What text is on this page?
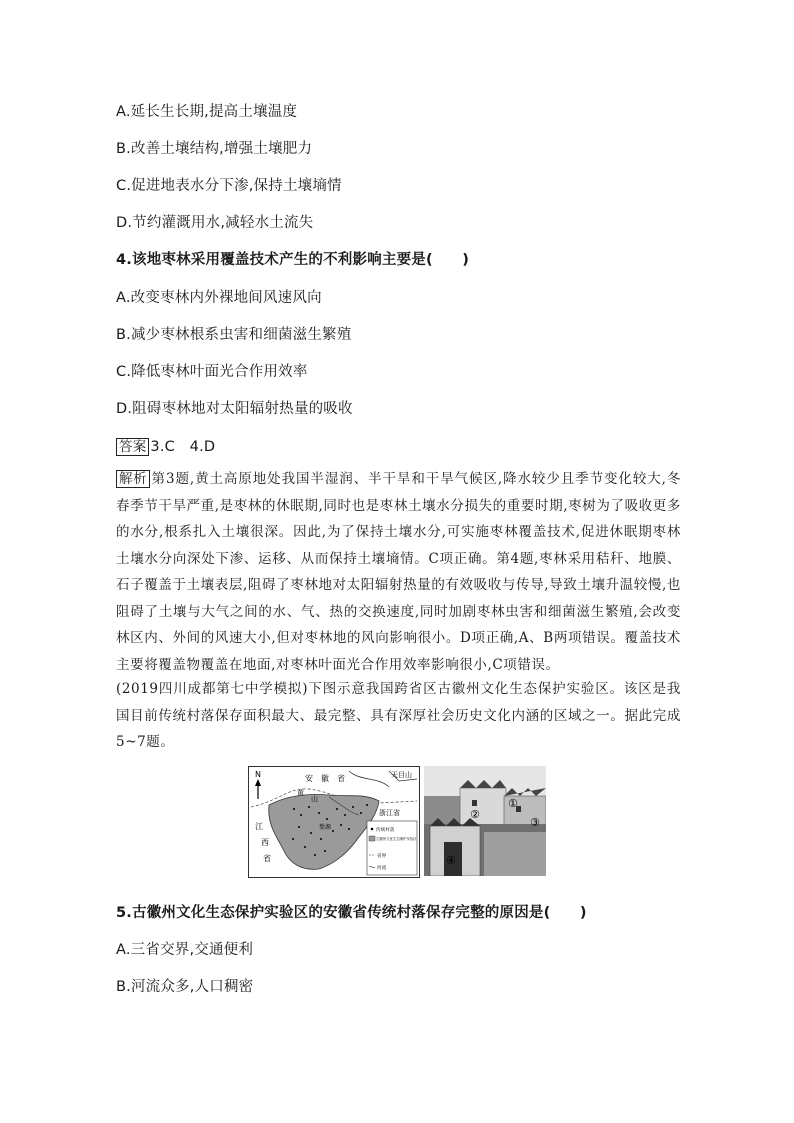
A.延长生长期,提高土壤温度
B.改善土壤结构,增强土壤肥力
C.促进地表水分下渗,保持土壤墒情
D.节约灌溉用水,减轻水土流失
4.该地枣林采用覆盖技术产生的不利影响主要是(　　)
A.改变枣林内外裸地间风速风向
B.减少枣林根系虫害和细菌滋生繁殖
C.降低枣林叶面光合作用效率
D.阻碍枣林地对太阳辐射热量的吸收
答案 3.C　4.D
解析 第3题,黄土高原地处我国半湿润、半干旱和干旱气候区,降水较少且季节变化较大,冬春季节干旱严重,是枣林的休眠期,同时也是枣林土壤水分损失的重要时期,枣树为了吸收更多的水分,根系扎入土壤很深。因此,为了保持土壤水分,可实施枣林覆盖技术,促进休眠期枣林土壤水分向深处下渗、运移、从而保持土壤墒情。C项正确。第4题,枣林采用秸秆、地膜、石子覆盖于土壤表层,阻碍了枣林地对太阳辐射热量的有效吸收与传导,导致土壤升温较慢,也阻碍了土壤与大气之间的水、气、热的交换速度,同时加剧枣林虫害和细菌滋生繁殖,会改变林区内、外间的风速大小,但对枣林地的风向影响很小。D项正确,A、B两项错误。覆盖技术主要将覆盖物覆盖在地面,对枣林叶面光合作用效率影响很小,C项错误。
(2019四川成都第七中学模拟)下图示意我国跨省区古徽州文化生态保护实验区。该区是我国目前传统村落保存面积最大、最完整、具有深厚社会历史文化内涵的区域之一。据此完成5~7题。
N	安　徽　省
黄
山
婺源
天目山
浙江省
江
西
省
传统村落
古徽州文化生态保护实验区
省界
河流
①
②
③
④
5.古徽州文化生态保护实验区的安徽省传统村落保存完整的原因是(　　)
A.三省交界,交通便利
B.河流众多,人口稠密
